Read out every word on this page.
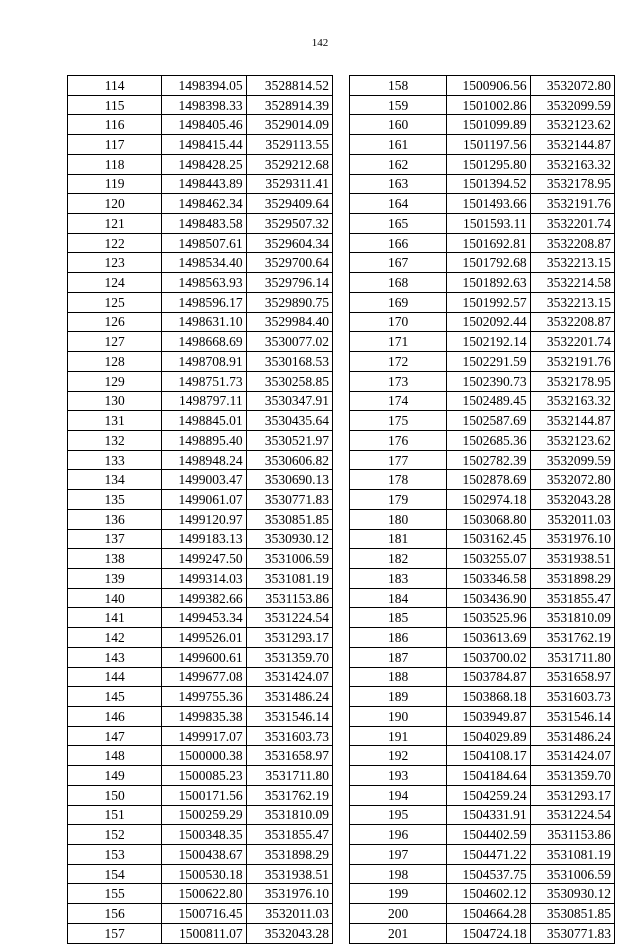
142
114	1498394.05	3528814.52
115	1498398.33	3528914.39
116	1498405.46	3529014.09
117	1498415.44	3529113.55
118	1498428.25	3529212.68
119	1498443.89	3529311.41
120	1498462.34	3529409.64
121	1498483.58	3529507.32
122	1498507.61	3529604.34
123	1498534.40	3529700.64
124	1498563.93	3529796.14
125	1498596.17	3529890.75
126	1498631.10	3529984.40
127	1498668.69	3530077.02
128	1498708.91	3530168.53
129	1498751.73	3530258.85
130	1498797.11	3530347.91
131	1498845.01	3530435.64
132	1498895.40	3530521.97
133	1498948.24	3530606.82
134	1499003.47	3530690.13
135	1499061.07	3530771.83
136	1499120.97	3530851.85
137	1499183.13	3530930.12
138	1499247.50	3531006.59
139	1499314.03	3531081.19
140	1499382.66	3531153.86
141	1499453.34	3531224.54
142	1499526.01	3531293.17
143	1499600.61	3531359.70
144	1499677.08	3531424.07
145	1499755.36	3531486.24
146	1499835.38	3531546.14
147	1499917.07	3531603.73
148	1500000.38	3531658.97
149	1500085.23	3531711.80
150	1500171.56	3531762.19
151	1500259.29	3531810.09
152	1500348.35	3531855.47
153	1500438.67	3531898.29
154	1500530.18	3531938.51
155	1500622.80	3531976.10
156	1500716.45	3532011.03
157	1500811.07	3532043.28
158	1500906.56	3532072.80
159	1501002.86	3532099.59
160	1501099.89	3532123.62
161	1501197.56	3532144.87
162	1501295.80	3532163.32
163	1501394.52	3532178.95
164	1501493.66	3532191.76
165	1501593.11	3532201.74
166	1501692.81	3532208.87
167	1501792.68	3532213.15
168	1501892.63	3532214.58
169	1501992.57	3532213.15
170	1502092.44	3532208.87
171	1502192.14	3532201.74
172	1502291.59	3532191.76
173	1502390.73	3532178.95
174	1502489.45	3532163.32
175	1502587.69	3532144.87
176	1502685.36	3532123.62
177	1502782.39	3532099.59
178	1502878.69	3532072.80
179	1502974.18	3532043.28
180	1503068.80	3532011.03
181	1503162.45	3531976.10
182	1503255.07	3531938.51
183	1503346.58	3531898.29
184	1503436.90	3531855.47
185	1503525.96	3531810.09
186	1503613.69	3531762.19
187	1503700.02	3531711.80
188	1503784.87	3531658.97
189	1503868.18	3531603.73
190	1503949.87	3531546.14
191	1504029.89	3531486.24
192	1504108.17	3531424.07
193	1504184.64	3531359.70
194	1504259.24	3531293.17
195	1504331.91	3531224.54
196	1504402.59	3531153.86
197	1504471.22	3531081.19
198	1504537.75	3531006.59
199	1504602.12	3530930.12
200	1504664.28	3530851.85
201	1504724.18	3530771.83
